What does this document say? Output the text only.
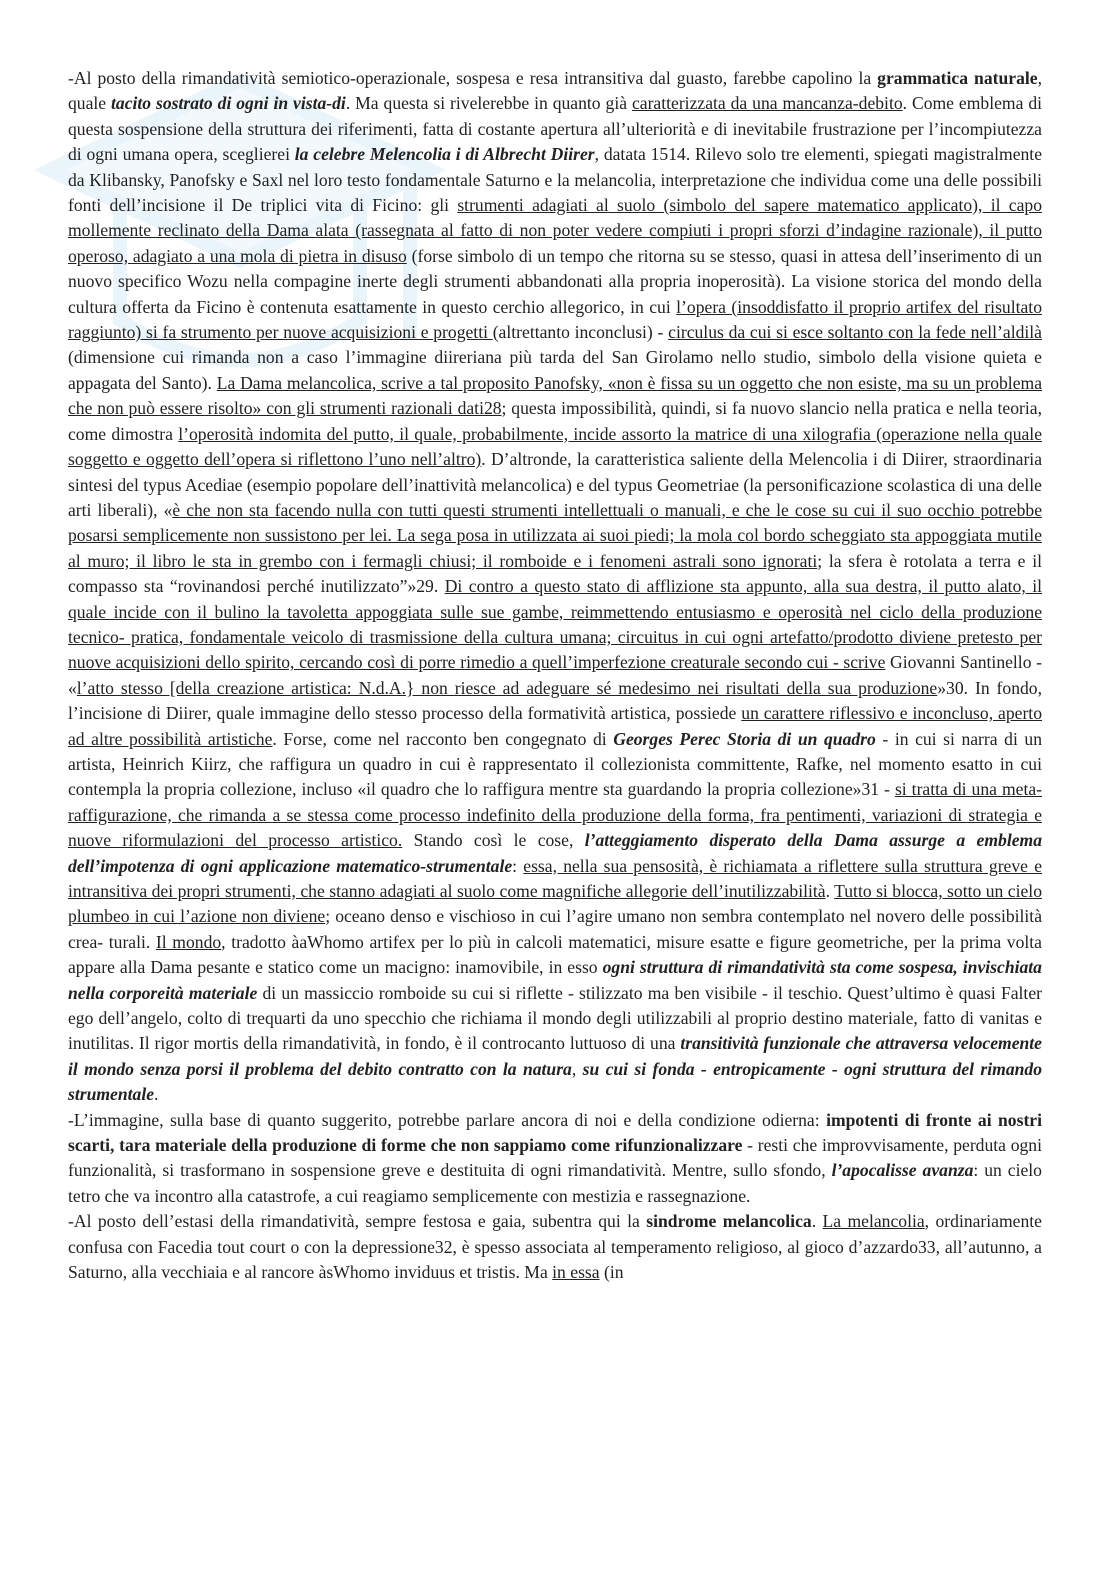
-Al posto della rimandatività semiotico-operazionale, sospesa e resa intransitiva dal guasto, farebbe capolino la grammatica naturale, quale tacito sostrato di ogni in vista-di. Ma questa si rivelerebbe in quanto già caratterizzata da una mancanza-debito. Come emblema di questa sospensione della struttura dei riferimenti, fatta di costante apertura all’ulteriorità e di inevitabile frustrazione per l’incompiutezza di ogni umana opera, sceglierei la celebre Melencolia i di Albrecht Diirer, datata 1514. Rilevo solo tre elementi, spiegati magistralmente da Klibansky, Panofsky e Saxl nel loro testo fondamentale Saturno e la melancolia, interpretazione che individua come una delle possibili fonti dell’incisione il De triplici vita di Ficino: gli strumenti adagiati al suolo (simbolo del sapere matematico applicato), il capo mollemente reclinato della Dama alata (rassegnata al fatto di non poter vedere compiuti i propri sforzi d’indagine razionale), il putto operoso, adagiato a una mola di pietra in disuso (forse simbolo di un tempo che ritorna su se stesso, quasi in attesa dell’inserimento di un nuovo specifico Wozu nella compagine inerte degli strumenti abbandonati alla propria inoperosità). La visione storica del mondo della cultura offerta da Ficino è contenuta esattamente in questo cerchio allegorico, in cui l’opera (insoddisfatto il proprio artifex del risultato raggiunto) si fa strumento per nuove acquisizioni e progetti (altrettanto inconclusi) - circulus da cui si esce soltanto con la fede nell’aldilà (dimensione cui rimanda non a caso l’immagine diireriana più tarda del San Girolamo nello studio, simbolo della visione quieta e appagata del Santo). La Dama melancolica, scrive a tal proposito Panofsky, «non è fissa su un oggetto che non esiste, ma su un problema che non può essere risolto» con gli strumenti razionali dati28; questa impossibilità, quindi, si fa nuovo slancio nella pratica e nella teoria, come dimostra l’operosità indomita del putto, il quale, probabilmente, incide assorto la matrice di una xilografia (operazione nella quale soggetto e oggetto dell’opera si riflettono l’uno nell’altro). D’altronde, la caratteristica saliente della Melencolia i di Diirer, straordinaria sintesi del typus Acediae (esempio popolare dell’inattività melancolica) e del typus Geometriae (la personificazione scolastica di una delle arti liberali), «è che non sta facendo nulla con tutti questi strumenti intellettuali o manuali, e che le cose su cui il suo occhio potrebbe posarsi semplicemente non sussistono per lei. La sega posa in utilizzata ai suoi piedi; la mola col bordo scheggiato sta appoggiata mutile al muro; il libro le sta in grembo con i fermagli chiusi; il romboide e i fenomeni astrali sono ignorati; la sfera è rotolata a terra e il compasso sta “rovinandosi perché inutilizzato”»29. Di contro a questo stato di afflizione sta appunto, alla sua destra, il putto alato, il quale incide con il bulino la tavoletta appoggiata sulle sue gambe, reimmettendo entusiasmo e operosità nel ciclo della produzione tecnico- pratica, fondamentale veicolo di trasmissione della cultura umana; circuitus in cui ogni artefatto/prodotto diviene pretesto per nuove acquisizioni dello spirito, cercando così di porre rimedio a quell’imperfezione creaturale secondo cui - scrive Giovanni Santinello - «l’atto stesso [della creazione artistica: N.d.A.} non riesce ad adeguare sé medesimo nei risultati della sua produzione»30. In fondo, l’incisione di Diirer, quale immagine dello stesso processo della formatività artistica, possiede un carattere riflessivo e inconcluso, aperto ad altre possibilità artistiche. Forse, come nel racconto ben congegnato di Georges Perec Storia di un quadro - in cui si narra di un artista, Heinrich Kiirz, che raffigura un quadro in cui è rappresentato il collezionista committente, Rafke, nel momento esatto in cui contempla la propria collezione, incluso «il quadro che lo raffigura mentre sta guardando la propria collezione»31 - si tratta di una meta-raffigurazione, che rimanda a se stessa come processo indefinito della produzione della forma, fra pentimenti, variazioni di strategia e nuove riformulazioni del processo artistico. Stando così le cose, l’atteggiamento disperato della Dama assurge a emblema dell’impotenza di ogni applicazione matematico-strumentale: essa, nella sua pensosità, è richiamata a riflettere sulla struttura greve e intransitiva dei propri strumenti, che stanno adagiati al suolo come magnifiche allegorie dell’inutilizzabilità. Tutto si blocca, sotto un cielo plumbeo in cui l’azione non diviene; oceano denso e vischioso in cui l’agire umano non sembra contemplato nel novero delle possibilità crea- turali. Il mondo, tradotto àaWhomo artifex per lo più in calcoli matematici, misure esatte e figure geometriche, per la prima volta appare alla Dama pesante e statico come un macigno: inamovibile, in esso ogni struttura di rimandatività sta come sospesa, invischiata nella corporeità materiale di un massiccio romboide su cui si riflette - stilizzato ma ben visibile - il teschio. Quest’ultimo è quasi Falter ego dell’angelo, colto di trequarti da uno specchio che richiama il mondo degli utilizzabili al proprio destino materiale, fatto di vanitas e inutilitas. Il rigor mortis della rimandatività, in fondo, è il controcanto luttuoso di una transitività funzionale che attraversa velocemente il mondo senza porsi il problema del debito contratto con la natura, su cui si fonda - entropicamente - ogni struttura del rimando strumentale.

-L’immagine, sulla base di quanto suggerito, potrebbe parlare ancora di noi e della condizione odierna: impotenti di fronte ai nostri scarti, tara materiale della produzione di forme che non sappiamo come rifunzionalizzare - resti che improvvisamente, perduta ogni funzionalità, si trasformano in sospensione greve e destituita di ogni rimandatività. Mentre, sullo sfondo, l’apocalisse avanza: un cielo tetro che va incontro alla catastrofe, a cui reagiamo semplicemente con mestizia e rassegnazione.

-Al posto dell’estasi della rimandatività, sempre festosa e gaia, subentra qui la sindrome melancolica. La melancolia, ordinariamente confusa con Facedia tout court o con la depressione32, è spesso associata al temperamento religioso, al gioco d’azzardo33, all’autunno, a Saturno, alla vecchiaia e al rancore àsWhomo inviduus et tristis. Ma in essa (in
